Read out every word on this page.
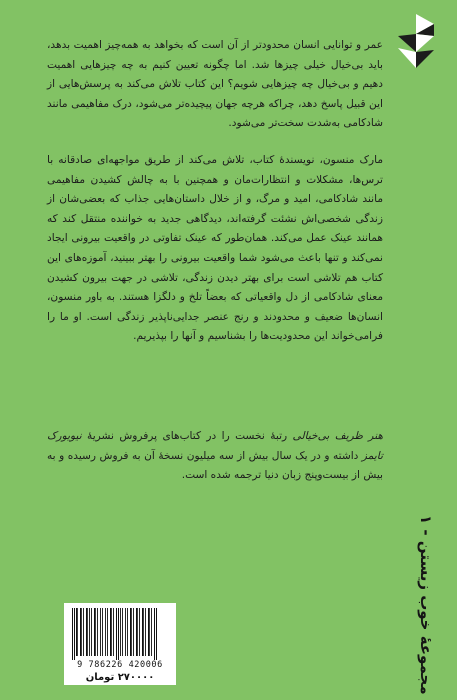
عمر و توانایی انسان محدودتر از آن است که بخواهد به همه‌چیز اهمیت بدهد، باید بی‌خیال خیلی چیزها شد. اما چگونه تعیین کنیم به چه چیزهایی اهمیت دهیم و بی‌خیال چه چیزهایی شویم؟ این کتاب تلاش می‌کند به پرسش‌هایی از این قبیل پاسخ دهد، چراکه هرچه جهان پیچیده‌تر می‌شود، درک مفاهیمی مانند شادکامی به‌شدت سخت‌تر می‌شود.

مارک منسون، نویسندهٔ کتاب، تلاش می‌کند از طریق مواجهه‌ای صادقانه با ترس‌ها، مشکلات و انتظارات‌مان و همچنین با به چالش کشیدن مفاهیمی مانند شادکامی، امید و مرگ، و از خلال داستان‌هایی جذاب که بعضی‌شان از زندگی شخصی‌اش نشئت گرفته‌اند، دیدگاهی جدید به خواننده منتقل کند که همانند عینک عمل می‌کند. همان‌طور که عینک تفاوتی در واقعیت بیرونی ایجاد نمی‌کند و تنها باعث می‌شود شما واقعیت بیرونی را بهتر ببینید، آموزه‌های این کتاب هم تلاشی است برای بهتر دیدن زندگی، تلاشی در جهت بیرون کشیدن معنای شادکامی از دل واقعیاتی که بعضاً تلخ و دلگزا هستند. به باور منسون، انسان‌ها ضعیف و محدودند و رنج عنصر جدایی‌ناپذیر زندگی است. او ما را فرامی‌خواند این محدودیت‌ها را بشناسیم و آنها را بپذیریم.

هنر ظریف بی‌خیالی رتبهٔ نخست را در کتاب‌های پرفروش نشریهٔ نیویورک تایمز داشته و در یک سال بیش از سه میلیون نسخهٔ آن به فروش رسیده و به بیش از بیست‌وپنج زبان دنیا ترجمه شده است.

مجموعهٔ خوب زیستن - ۱
9 786226 420006
۲۷۰۰۰۰ تومان
